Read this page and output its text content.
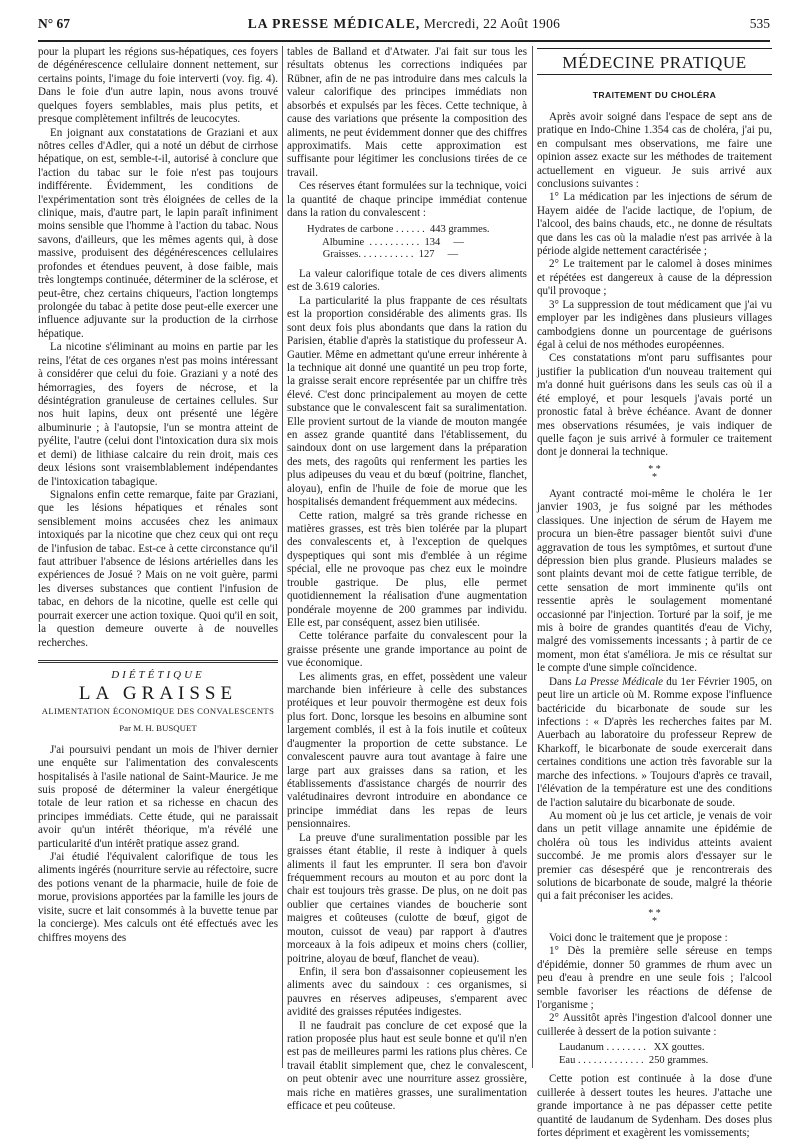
N° 67	LA PRESSE MÉDICALE, Mercredi, 22 Août 1906	535

pour la plupart les régions sus-hépatiques, ces foyers de dégénérescence cellulaire donnent nettement, sur certains points, l'image du foie interverti (voy. fig. 4). Dans le foie d'un autre lapin, nous avons trouvé quelques foyers semblables, mais plus petits, et presque complètement infiltrés de leucocytes.

En joignant aux constatations de Graziani et aux nôtres celles d'Adler, qui a noté un début de cirrhose hépatique, on est, semble-t-il, autorisé à conclure que l'action du tabac sur le foie n'est pas toujours indifférente. Évidemment, les conditions de l'expérimentation sont très éloignées de celles de la clinique, mais, d'autre part, le lapin paraît infiniment moins sensible que l'homme à l'action du tabac. Nous savons, d'ailleurs, que les mêmes agents qui, à dose massive, produisent des dégénérescences cellulaires profondes et étendues peuvent, à dose faible, mais très longtemps continuée, déterminer de la sclérose, et peut-être, chez certains chiqueurs, l'action longtemps prolongée du tabac à petite dose peut-elle exercer une influence adjuvante sur la production de la cirrhose hépatique.

La nicotine s'éliminant au moins en partie par les reins, l'état de ces organes n'est pas moins intéressant à considérer que celui du foie. Graziani y a noté des hémorragies, des foyers de nécrose, et la désintégration granuleuse de certaines cellules. Sur nos huit lapins, deux ont présenté une légère albuminurie ; à l'autopsie, l'un se montra atteint de pyélite, l'autre (celui dont l'intoxication dura six mois et demi) de lithiase calcaire du rein droit, mais ces deux lésions sont vraisemblablement indépendantes de l'intoxication tabagique.

Signalons enfin cette remarque, faite par Graziani, que les lésions hépatiques et rénales sont sensiblement moins accusées chez les animaux intoxiqués par la nicotine que chez ceux qui ont reçu de l'infusion de tabac. Est-ce à cette circonstance qu'il faut attribuer l'absence de lésions artérielles dans les expériences de Josué ? Mais on ne voit guère, parmi les diverses substances que contient l'infusion de tabac, en dehors de la nicotine, quelle est celle qui pourrait exercer une action toxique. Quoi qu'il en soit, la question demeure ouverte à de nouvelles recherches.

DIÉTÉTIQUE
LA GRAISSE
ALIMENTATION ÉCONOMIQUE DES CONVALESCENTS
Par M. H. BUSQUET

J'ai poursuivi pendant un mois de l'hiver dernier une enquête sur l'alimentation des convalescents hospitalisés à l'asile national de Saint-Maurice. Je me suis proposé de déterminer la valeur énergétique totale de leur ration et sa richesse en chacun des principes immédiats. Cette étude, qui ne paraissait avoir qu'un intérêt théorique, m'a révélé une particularité d'un intérêt pratique assez grand.

J'ai étudié l'équivalent calorifique de tous les aliments ingérés (nourriture servie au réfectoire, sucre des potions venant de la pharmacie, huile de foie de morue, provisions apportées par la famille les jours de visite, sucre et lait consommés à la buvette tenue par la concierge). Mes calculs ont été effectués avec les chiffres moyens des

tables de Balland et d'Atwater. J'ai fait sur tous les résultats obtenus les corrections indiquées par Rübner, afin de ne pas introduire dans mes calculs la valeur calorifique des principes immédiats non absorbés et expulsés par les fèces. Cette technique, à cause des variations que présente la composition des aliments, ne peut évidemment donner que des chiffres approximatifs. Mais cette approximation est suffisante pour légitimer les conclusions tirées de ce travail.

Ces réserves étant formulées sur la technique, voici la quantité de chaque principe immédiat contenue dans la ration du convalescent :

Hydrates de carbone . . . . . .  443 grammes.
Albumine  . . . . . . . . . .  134     —
Graisses. . . . . . . . . . .  127     —

La valeur calorifique totale de ces divers aliments est de 3.619 calories.

La particularité la plus frappante de ces résultats est la proportion considérable des aliments gras. Ils sont deux fois plus abondants que dans la ration du Parisien, établie d'après la statistique du professeur A. Gautier. Même en admettant qu'une erreur inhérente à la technique ait donné une quantité un peu trop forte, la graisse serait encore représentée par un chiffre très élevé. C'est donc principalement au moyen de cette substance que le convalescent fait sa suralimentation. Elle provient surtout de la viande de mouton mangée en assez grande quantité dans l'établissement, du saindoux dont on use largement dans la préparation des mets, des ragoûts qui renferment les parties les plus adipeuses du veau et du bœuf (poitrine, flanchet, aloyau), enfin de l'huile de foie de morue que les hospitalisés demandent fréquemment aux médecins.

Cette ration, malgré sa très grande richesse en matières grasses, est très bien tolérée par la plupart des convalescents et, à l'exception de quelques dyspeptiques qui sont mis d'emblée à un régime spécial, elle ne provoque pas chez eux le moindre trouble gastrique. De plus, elle permet quotidiennement la réalisation d'une augmentation pondérale moyenne de 200 grammes par individu. Elle est, par conséquent, assez bien utilisée.

Cette tolérance parfaite du convalescent pour la graisse présente une grande importance au point de vue économique.

Les aliments gras, en effet, possèdent une valeur marchande bien inférieure à celle des substances protéiques et leur pouvoir thermogène est deux fois plus fort. Donc, lorsque les besoins en albumine sont largement comblés, il est à la fois inutile et coûteux d'augmenter la proportion de cette substance. Le convalescent pauvre aura tout avantage à faire une large part aux graisses dans sa ration, et les établissements d'assistance chargés de nourrir des valétudinaires devront introduire en abondance ce principe immédiat dans les repas de leurs pensionnaires.

La preuve d'une suralimentation possible par les graisses étant établie, il reste à indiquer à quels aliments il faut les emprunter. Il sera bon d'avoir fréquemment recours au mouton et au porc dont la chair est toujours très grasse. De plus, on ne doit pas oublier que certaines viandes de boucherie sont maigres et coûteuses (culotte de bœuf, gigot de mouton, cuissot de veau) par rapport à d'autres morceaux à la fois adipeux et moins chers (collier, poitrine, aloyau de bœuf, flanchet de veau).

Enfin, il sera bon d'assaisonner copieusement les aliments avec du saindoux : ces organismes, si pauvres en réserves adipeuses, s'emparent avec avidité des graisses réputées indigestes.

Il ne faudrait pas conclure de cet exposé que la ration proposée plus haut est seule bonne et qu'il n'en est pas de meilleures parmi les rations plus chères. Ce travail établit simplement que, chez le convalescent, on peut obtenir avec une nourriture assez grossière, mais riche en matières grasses, une suralimentation efficace et peu coûteuse.

MÉDECINE PRATIQUE
TRAITEMENT DU CHOLÉRA

Après avoir soigné dans l'espace de sept ans de pratique en Indo-Chine 1.354 cas de choléra, j'ai pu, en compulsant mes observations, me faire une opinion assez exacte sur les méthodes de traitement actuellement en vigueur. Je suis arrivé aux conclusions suivantes :

1° La médication par les injections de sérum de Hayem aidée de l'acide lactique, de l'opium, de l'alcool, des bains chauds, etc., ne donne de résultats que dans les cas où la maladie n'est pas arrivée à la période algide nettement caractérisée ;

2° Le traitement par le calomel à doses minimes et répétées est dangereux à cause de la dépression qu'il provoque ;

3° La suppression de tout médicament que j'ai vu employer par les indigènes dans plusieurs villages cambodgiens donne un pourcentage de guérisons égal à celui de nos méthodes européennes.

Ces constatations m'ont paru suffisantes pour justifier la publication d'un nouveau traitement qui m'a donné huit guérisons dans les seuls cas où il a été employé, et pour lesquels j'avais porté un pronostic fatal à brève échéance. Avant de donner mes observations résumées, je vais indiquer de quelle façon je suis arrivé à formuler ce traitement dont je donnerai la technique.

* *
*

Ayant contracté moi-même le choléra le 1er janvier 1903, je fus soigné par les méthodes classiques. Une injection de sérum de Hayem me procura un bien-être passager bientôt suivi d'une aggravation de tous les symptômes, et surtout d'une dépression bien plus grande. Plusieurs malades se sont plaints devant moi de cette fatigue terrible, de cette sensation de mort imminente qu'ils ont ressentie après le soulagement momentané occasionné par l'injection. Torturé par la soif, je me mis à boire de grandes quantités d'eau de Vichy, malgré des vomissements incessants ; à partir de ce moment, mon état s'améliora. Je mis ce résultat sur le compte d'une simple coïncidence.

Dans La Presse Médicale du 1er Février 1905, on peut lire un article où M. Romme expose l'influence bactéricide du bicarbonate de soude sur les infections : « D'après les recherches faites par M. Auerbach au laboratoire du professeur Reprew de Kharkoff, le bicarbonate de soude exercerait dans certaines conditions une action très favorable sur la marche des infections. » Toujours d'après ce travail, l'élévation de la température est une des conditions de l'action salutaire du bicarbonate de soude.

Au moment où je lus cet article, je venais de voir dans un petit village annamite une épidémie de choléra où tous les individus atteints avaient succombé. Je me promis alors d'essayer sur le premier cas désespéré que je rencontrerais des solutions de bicarbonate de soude, malgré la théorie qui a fait préconiser les acides.

* *
*

Voici donc le traitement que je propose :

1° Dès la première selle séreuse en temps d'épidémie, donner 50 grammes de rhum avec un peu d'eau à prendre en une seule fois ; l'alcool semble favoriser les réactions de défense de l'organisme ;

2° Aussitôt après l'ingestion d'alcool donner une cuillerée à dessert de la potion suivante :

Laudanum . . . . . . . .   XX gouttes.
Eau . . . . . . . . . . . . .  250 grammes.

Cette potion est continuée à la dose d'une cuillerée à dessert toutes les heures. J'attache une grande importance à ne pas dépasser cette petite quantité de laudanum de Sydenham. Des doses plus fortes dépriment et exagèrent les vomissements;
